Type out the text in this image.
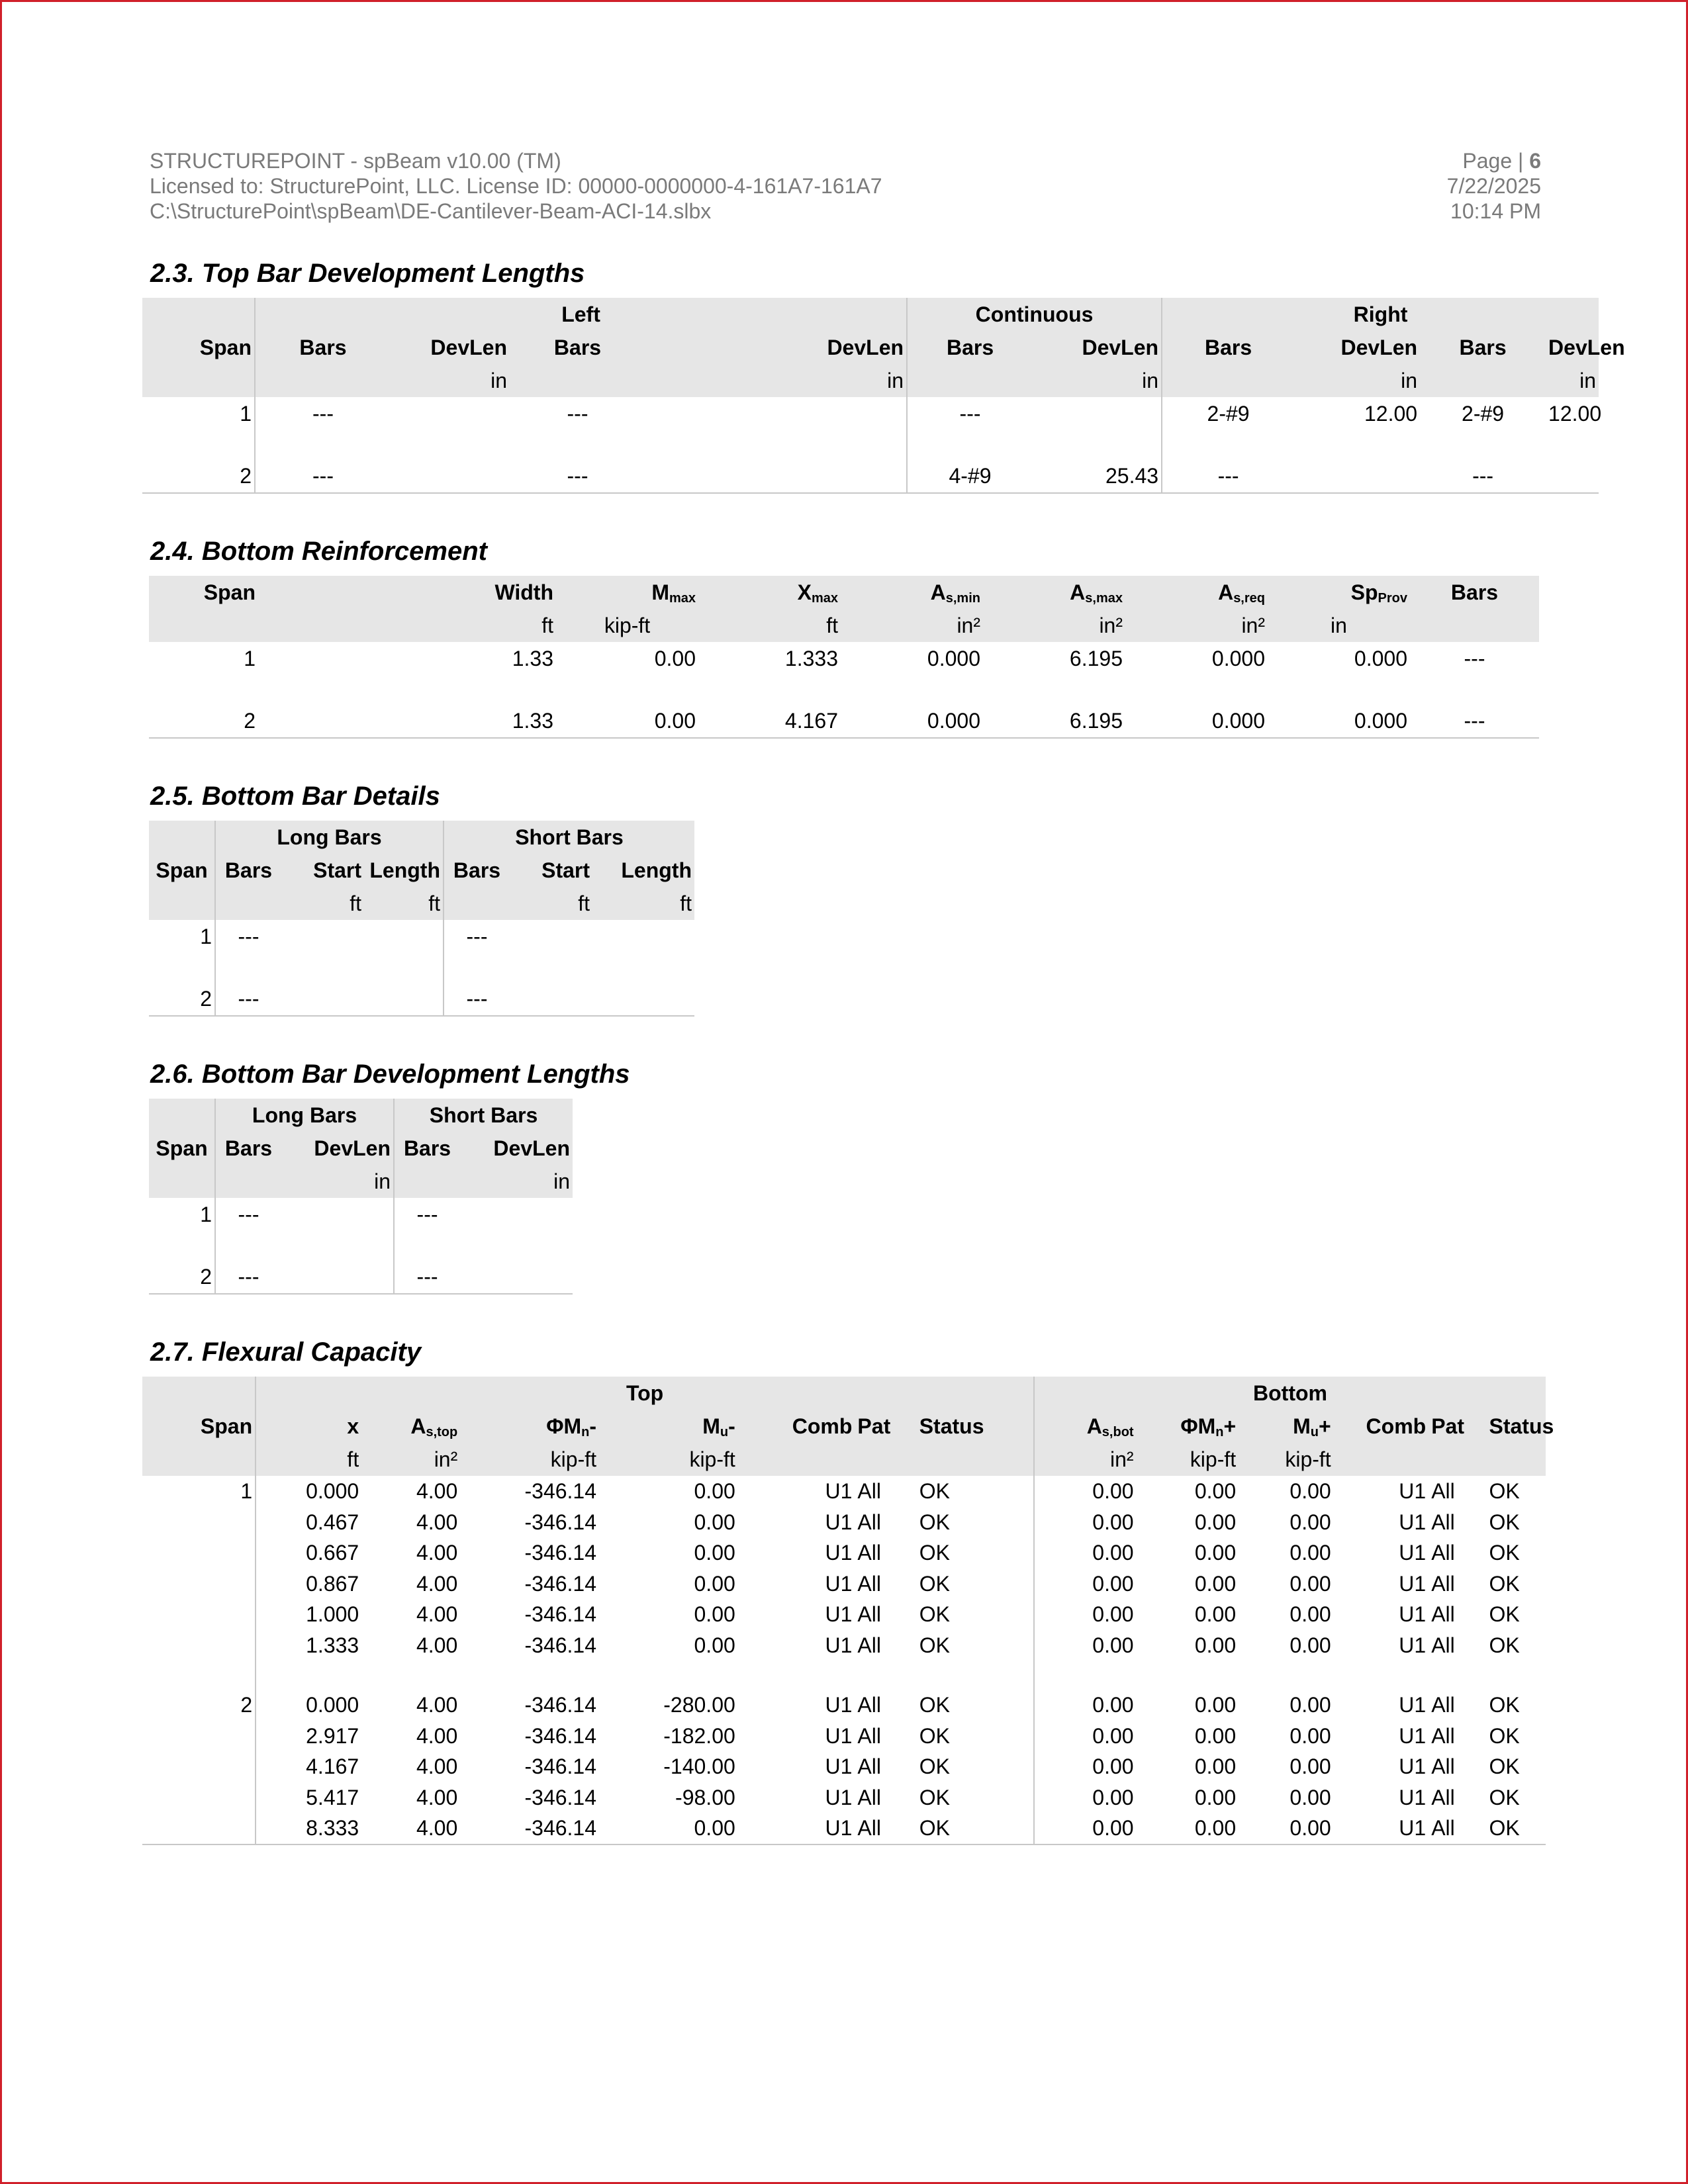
STRUCTUREPOINT - spBeam v10.00 (TM)
Licensed to: StructurePoint, LLC. License ID: 00000-0000000-4-161A7-161A7
C:\StructurePoint\spBeam\DE-Cantilever-Beam-ACI-14.slbx
Page | 6
7/22/2025
10:14 PM
2.3. Top Bar Development Lengths
	Left				Continuous		Right			
Span	Bars	DevLen	Bars	DevLen	Bars	DevLen	Bars	DevLen	Bars	DevLen
		in		in		in		in		in
1	---		---		---		2-#9	12.00	2-#9	12.00

2	---		---		4-#9	25.43	---		---	
2.4. Bottom Reinforcement
Span	Width	$M_{max}$	$X_{max}$	$A_{s,min}$	$A_{s,max}$	$A_{s,req}$	$Sp_{Prov}$	Bars
	ft	kip-ft	ft	in²	in²	in²	in	
1	1.33	0.00	1.333	0.000	6.195	0.000	0.000	---

2	1.33	0.00	4.167	0.000	6.195	0.000	0.000	---
2.5. Bottom Bar Details
	Long Bars			Short Bars		
Span	Bars	Start	Length	Bars	Start	Length
		ft	ft		ft	ft
1	---			---		

2	---			---		
2.6. Bottom Bar Development Lengths
	Long Bars		Short Bars	
Span	Bars	DevLen	Bars	DevLen
		in		in
1	---		---	

2	---		---	
2.7. Flexural Capacity
	Top							Bottom					
Span	x	$A_{s,top}$	$\Phi M_n-$	$M_u-$	Comb	Pat	Status	$A_{s,bot}$	$\Phi M_n+$	$M_u+$	Comb	Pat	Status
	ft	in²	kip-ft	kip-ft				in²	kip-ft	kip-ft			
1	0.000	4.00	-346.14	0.00	U1	All	OK	0.00	0.00	0.00	U1	All	OK
	0.467	4.00	-346.14	0.00	U1	All	OK	0.00	0.00	0.00	U1	All	OK
	0.667	4.00	-346.14	0.00	U1	All	OK	0.00	0.00	0.00	U1	All	OK
	0.867	4.00	-346.14	0.00	U1	All	OK	0.00	0.00	0.00	U1	All	OK
	1.000	4.00	-346.14	0.00	U1	All	OK	0.00	0.00	0.00	U1	All	OK
	1.333	4.00	-346.14	0.00	U1	All	OK	0.00	0.00	0.00	U1	All	OK

2	0.000	4.00	-346.14	-280.00	U1	All	OK	0.00	0.00	0.00	U1	All	OK
	2.917	4.00	-346.14	-182.00	U1	All	OK	0.00	0.00	0.00	U1	All	OK
	4.167	4.00	-346.14	-140.00	U1	All	OK	0.00	0.00	0.00	U1	All	OK
	5.417	4.00	-346.14	-98.00	U1	All	OK	0.00	0.00	0.00	U1	All	OK
	8.333	4.00	-346.14	0.00	U1	All	OK	0.00	0.00	0.00	U1	All	OK
